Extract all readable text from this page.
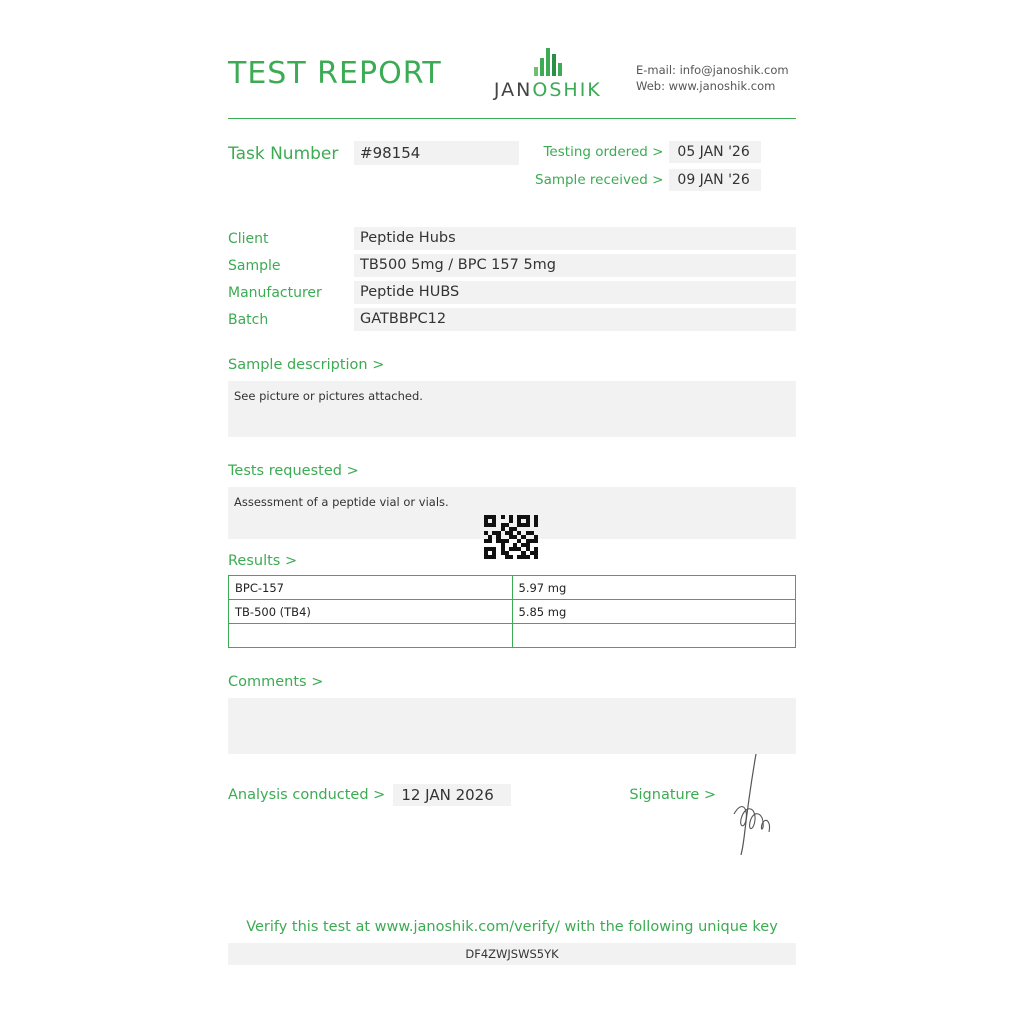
TEST REPORT	JANOSHIK
E-mail: info@janoshik.com
Web: www.janoshik.com
Task Number	#98154	Testing ordered >	05 JAN '26
Sample received >	09 JAN '26
Client	Peptide Hubs
Sample	TB500 5mg / BPC 157 5mg
Manufacturer	Peptide HUBS
Batch	GATBBPC12
Sample description >
See picture or pictures attached.
Tests requested >
Assessment of a peptide vial or vials.
Results >
BPC-157	5.97 mg
TB-500 (TB4)	5.85 mg

Comments >
Analysis conducted >	12 JAN 2026	Signature >
Verify this test at www.janoshik.com/verify/ with the following unique key
DF4ZWJSWS5YK
